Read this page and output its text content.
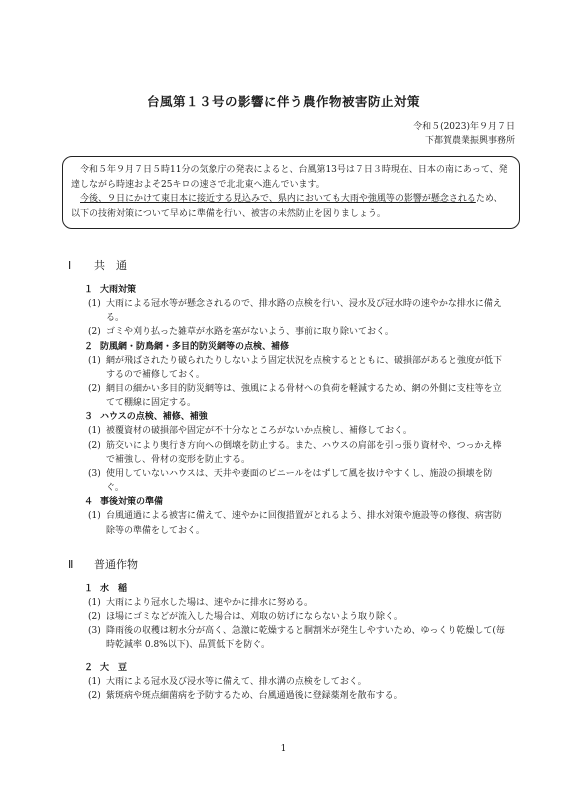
台風第１３号の影響に伴う農作物被害防止対策
令和５(2023)年９月７日
下都賀農業振興事務所

令和５年９月７日５時11分の気象庁の発表によると、台風第13号は７日３時現在、日本の南にあって、発達しながら時速およそ25キロの速さで北北東へ進んでいます。

今後、９日にかけて東日本に接近する見込みで、県内においても大雨や強風等の影響が懸念されるため、以下の技術対策について早めに準備を行い、被害の未然防止を図りましょう。

Ⅰ 共　通
１ 大雨対策
(1) 大雨による冠水等が懸念されるので、排水路の点検を行い、浸水及び冠水時の速やかな排水に備える。
(2) ゴミや刈り払った雑草が水路を塞がないよう、事前に取り除いておく。
２ 防風網・防鳥網・多目的防災網等の点検、補修
(1) 網が飛ばされたり破られたりしないよう固定状況を点検するとともに、破損部があると強度が低下するので補修しておく。
(2) 網目の細かい多目的防災網等は、強風による骨材への負荷を軽減するため、網の外側に支柱等を立てて棚線に固定する。
３ ハウスの点検、補修、補強
(1) 被覆資材の破損部や固定が不十分なところがないか点検し、補修しておく。
(2) 筋交いにより奥行き方向への倒壊を防止する。また、ハウスの肩部を引っ張り資材や、つっかえ棒で補強し、骨材の変形を防止する。
(3) 使用していないハウスは、天井や妻面のビニールをはずして風を抜けやすくし、施設の損壊を防ぐ。
４ 事後対策の準備
(1) 台風通過による被害に備えて、速やかに回復措置がとれるよう、排水対策や施設等の修復、病害防除等の準備をしておく。
Ⅱ 普通作物
１ 水　稲
(1) 大雨により冠水した場は、速やかに排水に努める。
(2) ほ場にゴミなどが流入した場合は、刈取の妨げにならないよう取り除く。
(3) 降雨後の収穫は籾水分が高く、急激に乾燥すると胴割米が発生しやすいため、ゆっくり乾燥して(毎時乾減率 0.8%以下)、品質低下を防ぐ。
２ 大　豆
(1) 大雨による冠水及び浸水等に備えて、排水溝の点検をしておく。
(2) 紫斑病や斑点細菌病を予防するため、台風通過後に登録薬剤を散布する。
1
